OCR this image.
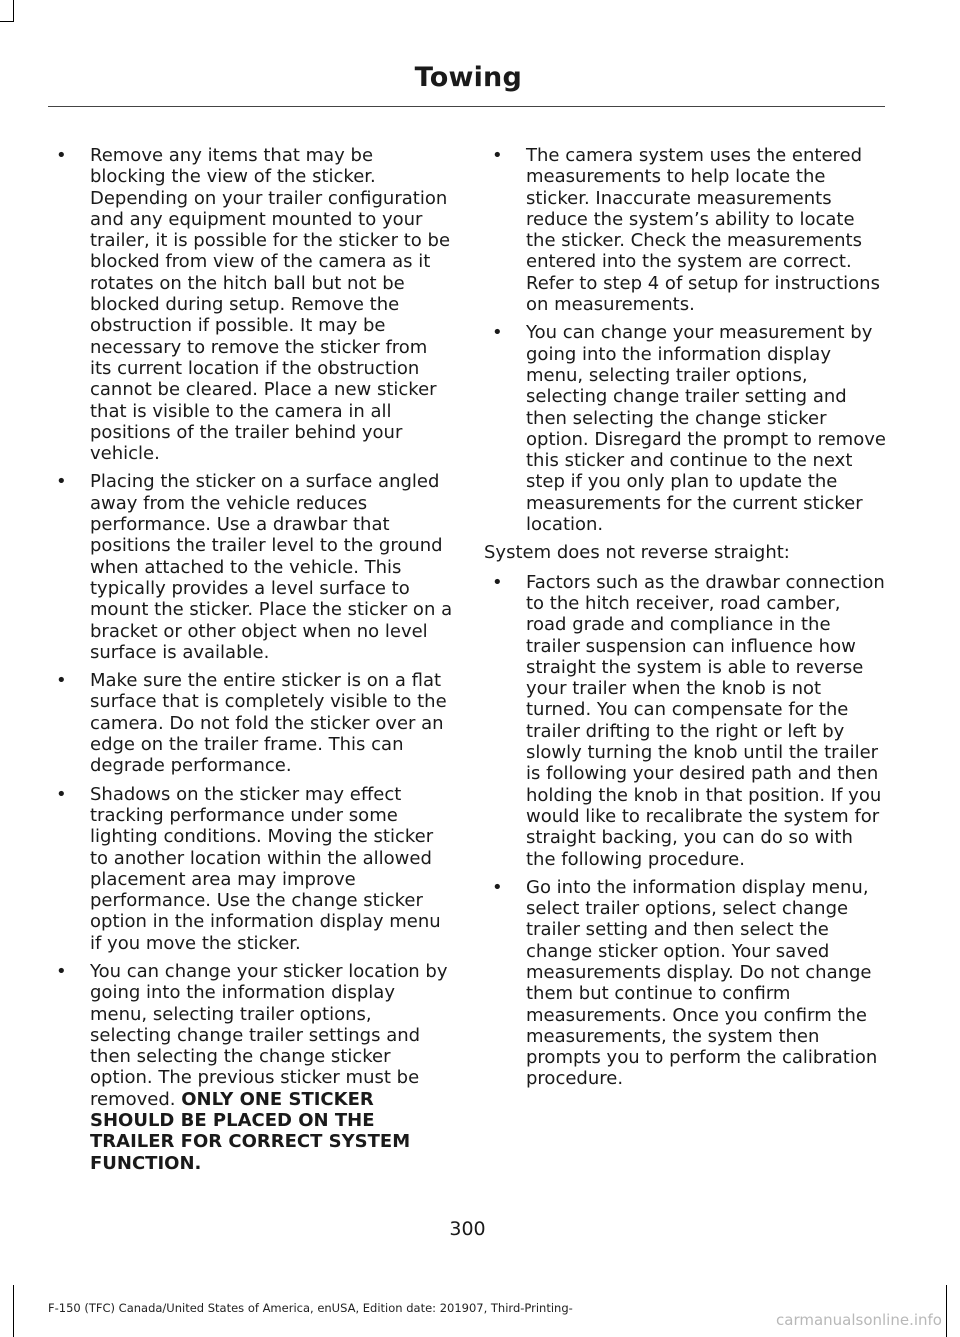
Towing
• Remove any items that may be blocking the view of the sticker. Depending on your trailer configuration and any equipment mounted to your trailer, it is possible for the sticker to be blocked from view of the camera as it rotates on the hitch ball but not be blocked during setup. Remove the obstruction if possible. It may be necessary to remove the sticker from its current location if the obstruction cannot be cleared. Place a new sticker that is visible to the camera in all positions of the trailer behind your vehicle.
• Placing the sticker on a surface angled away from the vehicle reduces performance. Use a drawbar that positions the trailer level to the ground when attached to the vehicle. This typically provides a level surface to mount the sticker. Place the sticker on a bracket or other object when no level surface is available.
• Make sure the entire sticker is on a flat surface that is completely visible to the camera. Do not fold the sticker over an edge on the trailer frame. This can degrade performance.
• Shadows on the sticker may effect tracking performance under some lighting conditions. Moving the sticker to another location within the allowed placement area may improve performance. Use the change sticker option in the information display menu if you move the sticker.
• You can change your sticker location by going into the information display menu, selecting trailer options, selecting change trailer settings and then selecting the change sticker option. The previous sticker must be removed. ONLY ONE STICKER SHOULD BE PLACED ON THE TRAILER FOR CORRECT SYSTEM FUNCTION.
• The camera system uses the entered measurements to help locate the sticker. Inaccurate measurements reduce the system’s ability to locate the sticker. Check the measurements entered into the system are correct. Refer to step 4 of setup for instructions on measurements.
• You can change your measurement by going into the information display menu, selecting trailer options, selecting change trailer setting and then selecting the change sticker option. Disregard the prompt to remove this sticker and continue to the next step if you only plan to update the measurements for the current sticker location.

System does not reverse straight:

• Factors such as the drawbar connection to the hitch receiver, road camber, road grade and compliance in the trailer suspension can influence how straight the system is able to reverse your trailer when the knob is not turned. You can compensate for the trailer drifting to the right or left by slowly turning the knob until the trailer is following your desired path and then holding the knob in that position. If you would like to recalibrate the system for straight backing, you can do so with the following procedure.
• Go into the information display menu, select trailer options, select change trailer setting and then select the change sticker option. Your saved measurements display. Do not change them but continue to confirm measurements. Once you confirm the measurements, the system then prompts you to perform the calibration procedure.
300
F-150 (TFC) Canada/United States of America, enUSA, Edition date: 201907, Third-Printing-
carmanualsonline.info
